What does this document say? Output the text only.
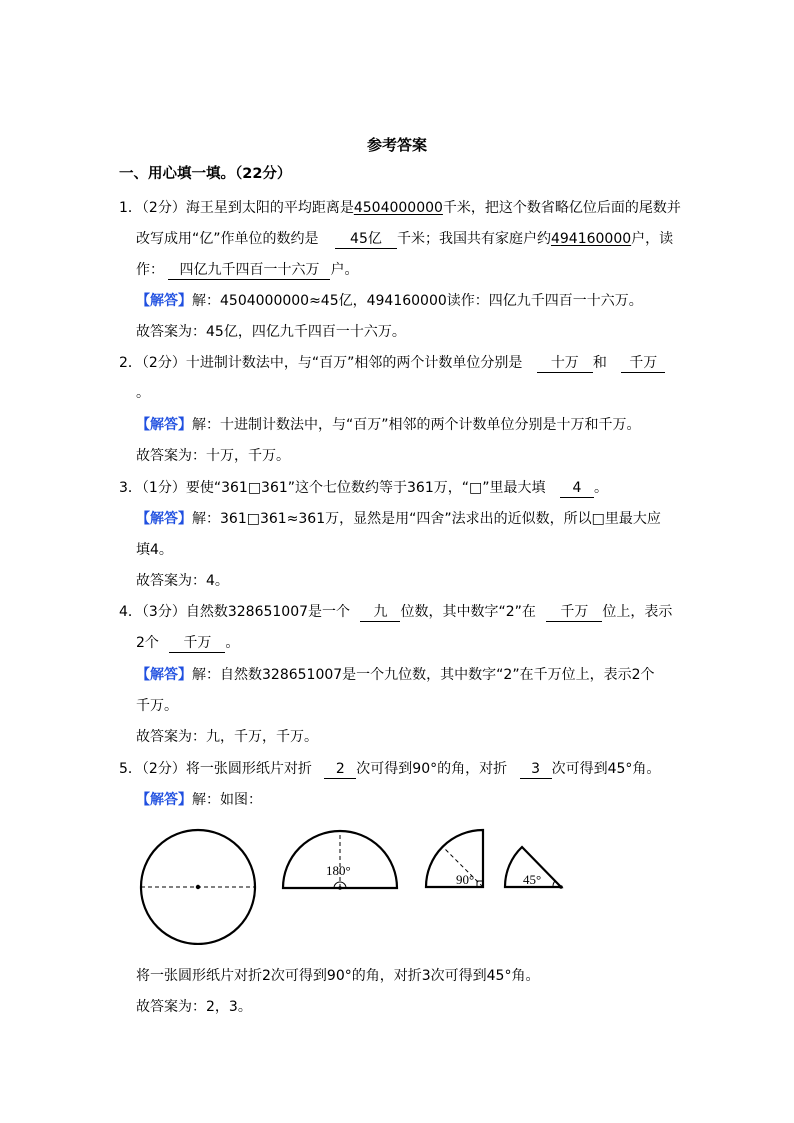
参考答案
一、用心填一填。（22分）
1．（2分）海王星到太阳的平均距离是4504000000千米，把这个数省略亿位后面的尾数并
改写成用“亿”作单位的数约是 45亿 千米；我国共有家庭户约494160000户，读
作： 四亿九千四百一十六万 户。
【解答】解：4504000000≈45亿，494160000读作：四亿九千四百一十六万。
故答案为：45亿，四亿九千四百一十六万。
2．（2分）十进制计数法中，与“百万”相邻的两个计数单位分别是 十万 和 千万
。
【解答】解：十进制计数法中，与“百万”相邻的两个计数单位分别是十万和千万。
故答案为：十万，千万。
3．（1分）要使“361□361”这个七位数约等于361万，“□”里最大填 4 。
【解答】解：361□361≈361万，显然是用“四舍”法求出的近似数，所以□里最大应
填4。
故答案为：4。
4．（3分）自然数328651007是一个 九 位数，其中数字“2”在 千万 位上，表示
2个 千万 。
【解答】解：自然数328651007是一个九位数，其中数字“2”在千万位上，表示2个
千万。
故答案为：九，千万，千万。
5．（2分）将一张圆形纸片对折 2 次可得到90°的角，对折 3 次可得到45°角。
【解答】解：如图：
180°
90°	45°
将一张圆形纸片对折2次可得到90°的角，对折3次可得到45°角。
故答案为：2，3。
